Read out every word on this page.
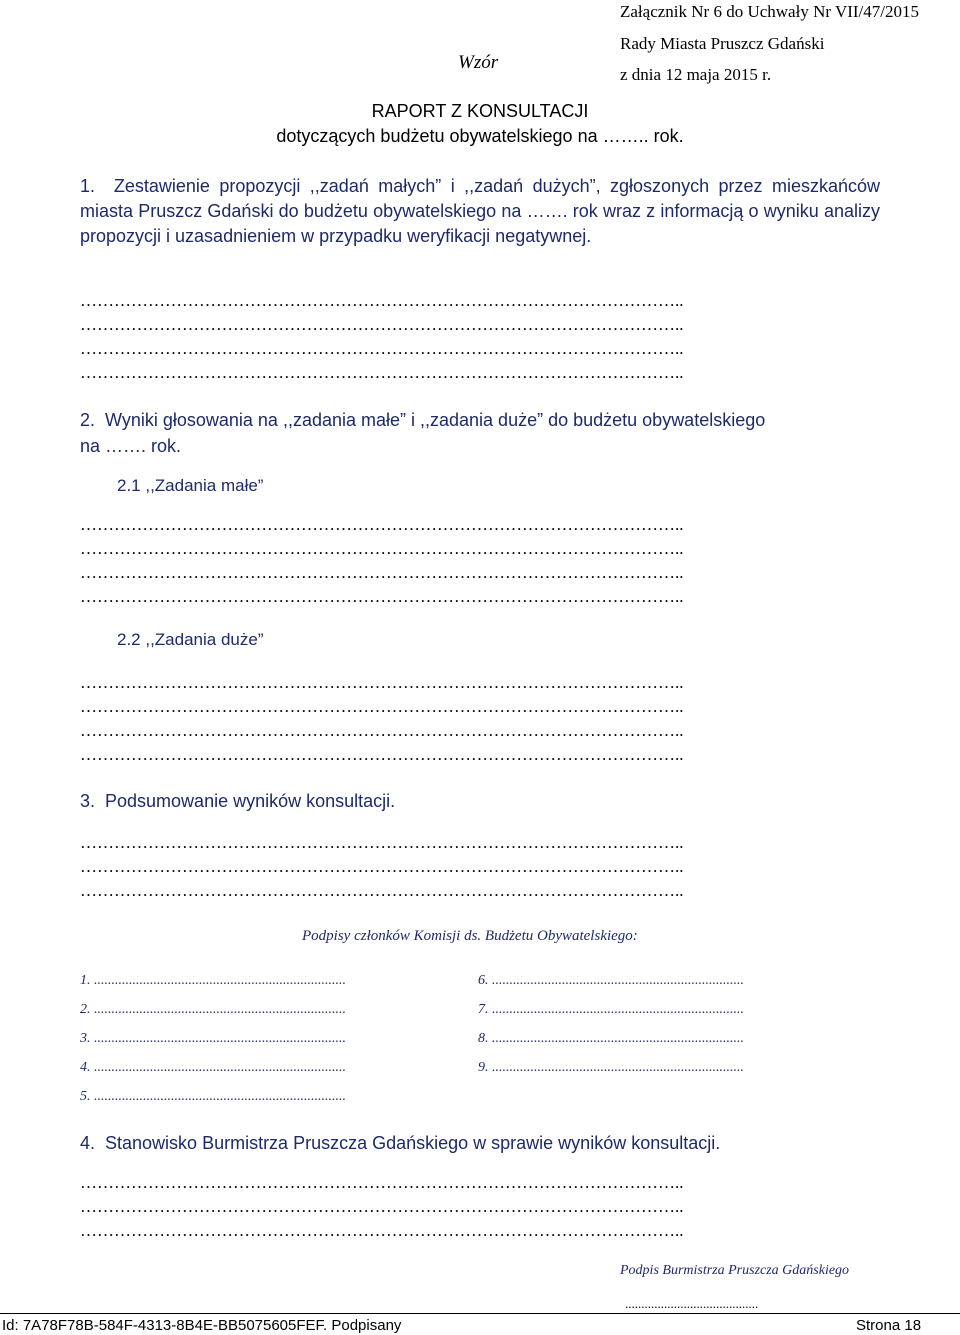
Załącznik Nr 6 do Uchwały Nr VII/47/2015
Rady Miasta Pruszcz Gdański
z dnia 12 maja 2015 r.
Wzór
RAPORT Z KONSULTACJI
dotyczących budżetu obywatelskiego na …….. rok.
1.  Zestawienie propozycji ,,zadań małych” i ,,zadań dużych”, zgłoszonych przez mieszkańców miasta Pruszcz Gdański do budżetu obywatelskiego na ……. rok wraz z informacją o wyniku analizy propozycji i uzasadnieniem w przypadku weryfikacji negatywnej.
……………………………………………………………………………………………..
……………………………………………………………………………………………..
……………………………………………………………………………………………..
……………………………………………………………………………………………..
2.  Wyniki głosowania na ,,zadania małe” i ,,zadania duże” do budżetu obywatelskiego
na ……. rok.
2.1 ,,Zadania małe”
……………………………………………………………………………………………..
……………………………………………………………………………………………..
……………………………………………………………………………………………..
……………………………………………………………………………………………..
2.2 ,,Zadania duże”
……………………………………………………………………………………………..
……………………………………………………………………………………………..
……………………………………………………………………………………………..
……………………………………………………………………………………………..
3.  Podsumowanie wyników konsultacji.
……………………………………………………………………………………………..
……………………………………………………………………………………………..
……………………………………………………………………………………………..
Podpisy członków Komisji ds. Budżetu Obywatelskiego:
1. ........................................................................
2. ........................................................................
3. ........................................................................
4. ........................................................................
5. ........................................................................
6. ........................................................................
7. ........................................................................
8. ........................................................................
9. ........................................................................
4.  Stanowisko Burmistrza Pruszcza Gdańskiego w sprawie wyników konsultacji.
……………………………………………………………………………………………..
……………………………………………………………………………………………..
……………………………………………………………………………………………..
Podpis Burmistrza Pruszcza Gdańskiego
.........................................
Id: 7A78F78B-584F-4313-8B4E-BB5075605FEF. Podpisany	Strona 18
